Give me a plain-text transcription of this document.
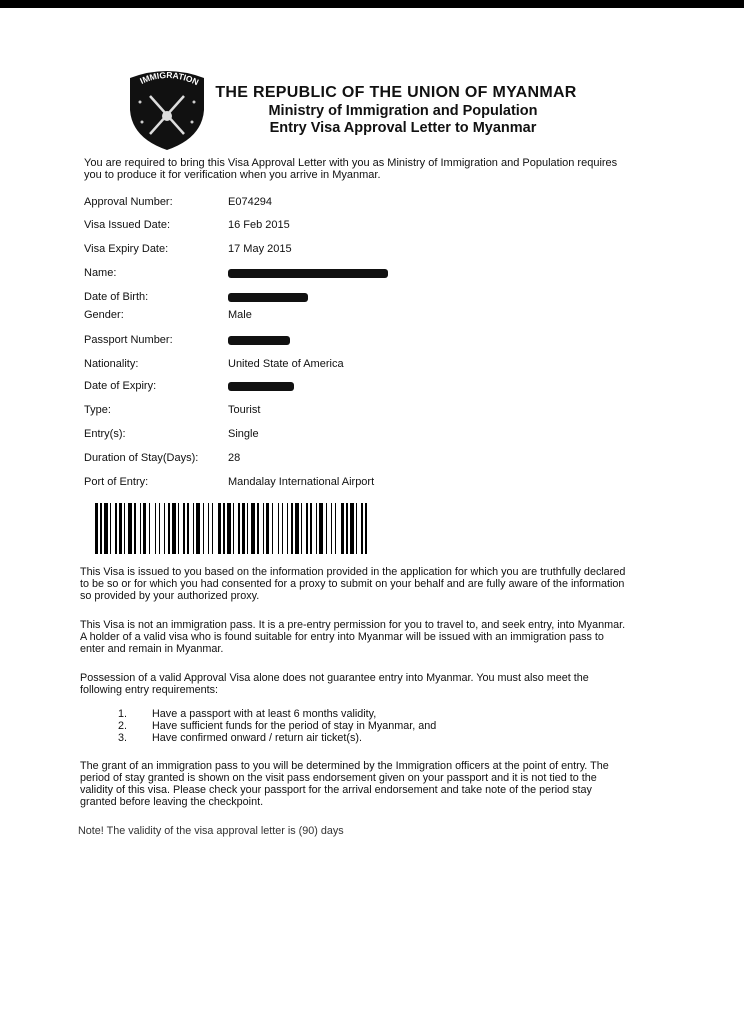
IMMIGRATION
THE REPUBLIC OF THE UNION OF MYANMAR
Ministry of Immigration and Population
Entry Visa Approval Letter to Myanmar
You are required to bring this Visa Approval Letter with you as Ministry of Immigration and Population requires you to produce it for verification when you arrive in Myanmar.
Approval Number:	E074294
Visa Issued Date:	16 Feb 2015
Visa Expiry Date:	17 May 2015
Name:
Date of Birth:
Gender:	Male
Passport Number:
Nationality:	United State of America
Date of Expiry:
Type:	Tourist
Entry(s):	Single
Duration of Stay(Days):	28
Port of Entry:	Mandalay International Airport
This Visa is issued to you based on the information provided in the application for which you are truthfully declared to be so or for which you had consented for a proxy to submit on your behalf and are fully aware of the information so provided by your authorized proxy.
This Visa is not an immigration pass. It is a pre-entry permission for you to travel to, and seek entry, into Myanmar. A holder of a valid visa who is found suitable for entry into Myanmar will be issued with an immigration pass to enter and remain in Myanmar.
Possession of a valid Approval Visa alone does not guarantee entry into Myanmar. You must also meet the following entry requirements:
1.	Have a passport with at least 6 months validity,
2.	Have sufficient funds for the period of stay in Myanmar, and
3.	Have confirmed onward / return air ticket(s).
The grant of an immigration pass to you will be determined by the Immigration officers at the point of entry. The period of stay granted is shown on the visit pass endorsement given on your passport and it is not tied to the validity of this visa. Please check your passport for the arrival endorsement and take note of the period stay granted before leaving the checkpoint.
Note! The validity of the visa approval letter is (90) days
